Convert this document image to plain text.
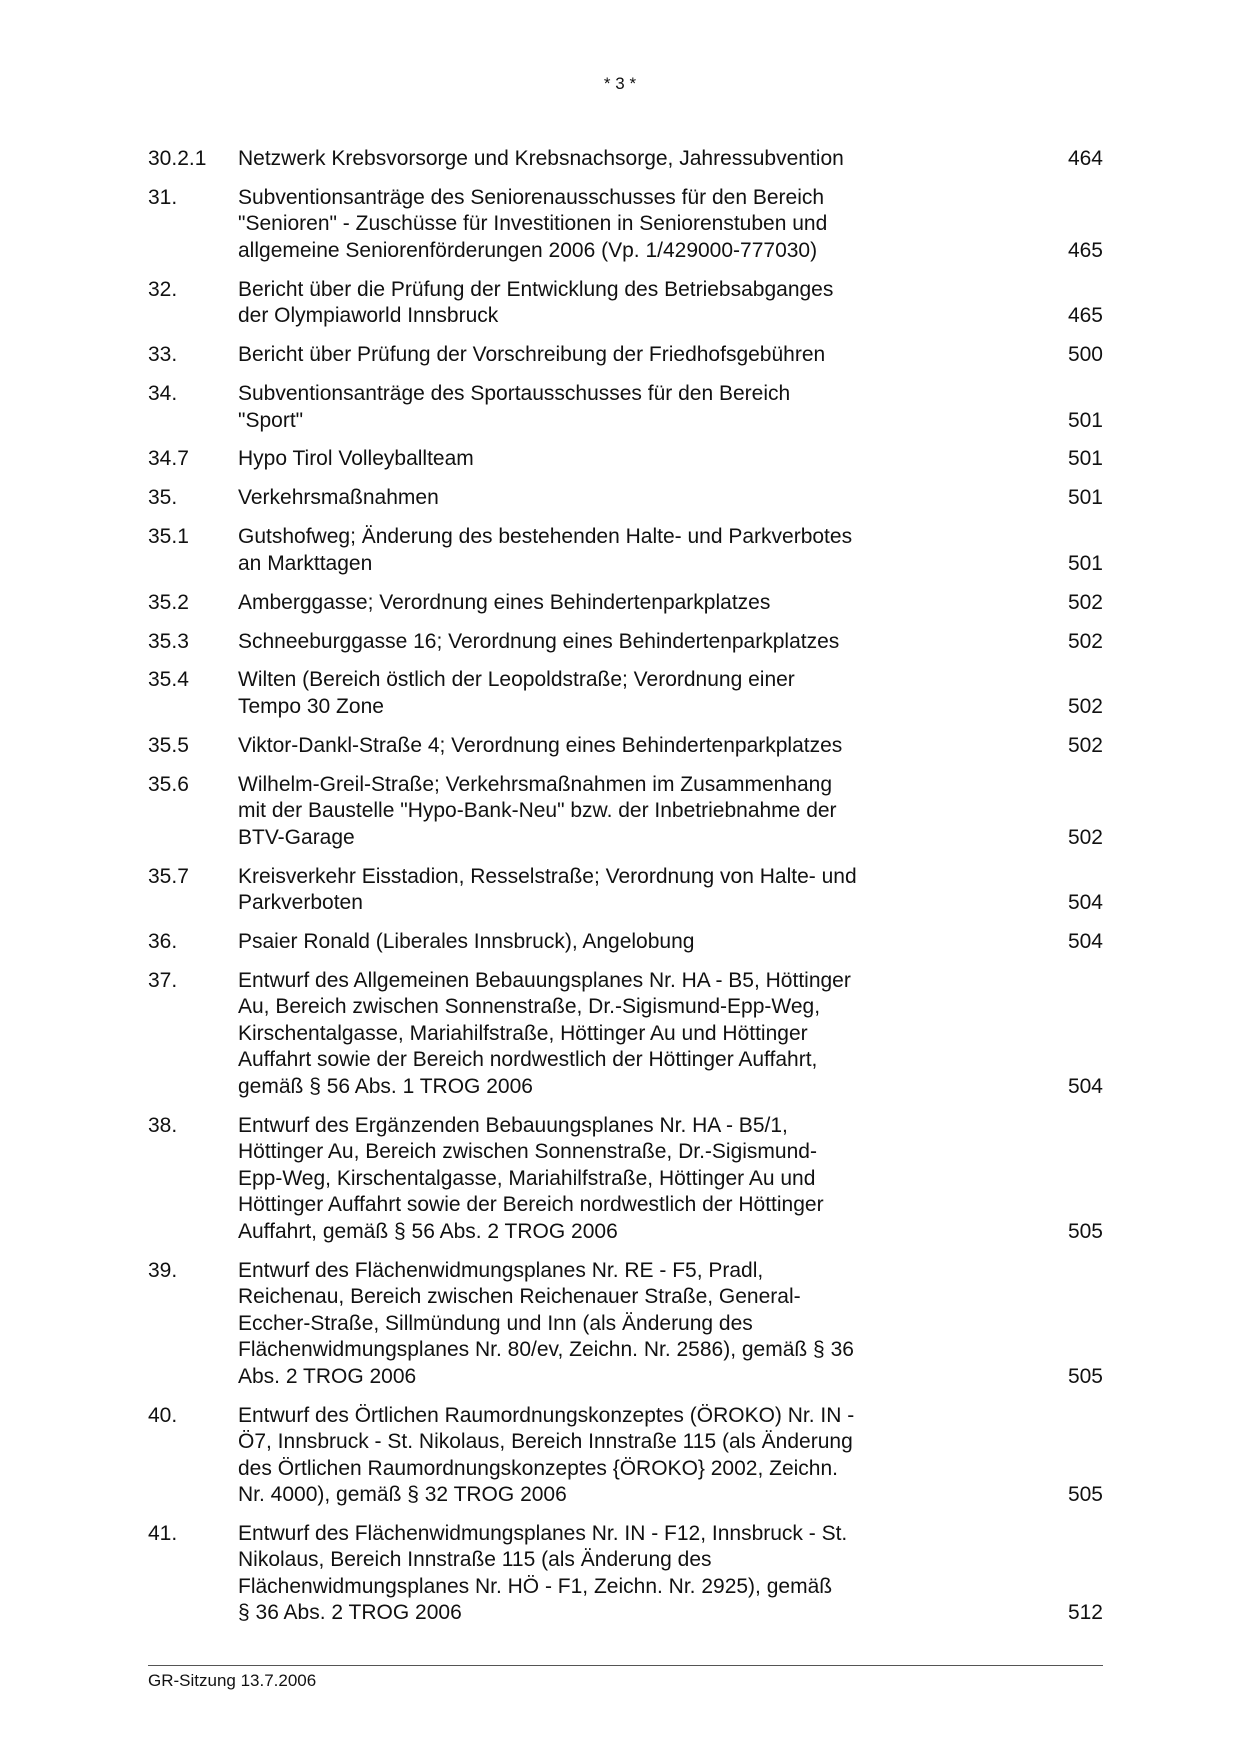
* 3 *
30.2.1	Netzwerk Krebsvorsorge und Krebsnachsorge, Jahressubvention	464
31.	Subventionsanträge des Seniorenausschusses für den Bereich
"Senioren" - Zuschüsse für Investitionen in Seniorenstuben und
allgemeine Seniorenförderungen 2006 (Vp. 1/429000-777030)	465
32.	Bericht über die Prüfung der Entwicklung des Betriebsabganges
der Olympiaworld Innsbruck	465
33.	Bericht über Prüfung der Vorschreibung der Friedhofsgebühren	500
34.	Subventionsanträge des Sportausschusses für den Bereich
"Sport"	501
34.7	Hypo Tirol Volleyballteam	501
35.	Verkehrsmaßnahmen	501
35.1	Gutshofweg; Änderung des bestehenden Halte- und Parkverbotes
an Markttagen	501
35.2	Amberggasse; Verordnung eines Behindertenparkplatzes	502
35.3	Schneeburggasse 16; Verordnung eines Behindertenparkplatzes	502
35.4	Wilten (Bereich östlich der Leopoldstraße; Verordnung einer
Tempo 30 Zone	502
35.5	Viktor-Dankl-Straße 4; Verordnung eines Behindertenparkplatzes	502
35.6	Wilhelm-Greil-Straße; Verkehrsmaßnahmen im Zusammenhang
mit der Baustelle "Hypo-Bank-Neu" bzw. der Inbetriebnahme der
BTV-Garage	502
35.7	Kreisverkehr Eisstadion, Resselstraße; Verordnung von Halte- und
Parkverboten	504
36.	Psaier Ronald (Liberales Innsbruck), Angelobung	504
37.	Entwurf des Allgemeinen Bebauungsplanes Nr. HA - B5, Höttinger
Au, Bereich zwischen Sonnenstraße, Dr.-Sigismund-Epp-Weg,
Kirschentalgasse, Mariahilfstraße, Höttinger Au und Höttinger
Auffahrt sowie der Bereich nordwestlich der Höttinger Auffahrt,
gemäß § 56 Abs. 1 TROG 2006	504
38.	Entwurf des Ergänzenden Bebauungsplanes Nr. HA - B5/1,
Höttinger Au, Bereich zwischen Sonnenstraße, Dr.-Sigismund-
Epp-Weg, Kirschentalgasse, Mariahilfstraße, Höttinger Au und
Höttinger Auffahrt sowie der Bereich nordwestlich der Höttinger
Auffahrt, gemäß § 56 Abs. 2 TROG 2006	505
39.	Entwurf des Flächenwidmungsplanes Nr. RE - F5, Pradl,
Reichenau, Bereich zwischen Reichenauer Straße, General-
Eccher-Straße, Sillmündung und Inn (als Änderung des
Flächenwidmungsplanes Nr. 80/ev, Zeichn. Nr. 2586), gemäß § 36
Abs. 2 TROG 2006	505
40.	Entwurf des Örtlichen Raumordnungskonzeptes (ÖROKO) Nr. IN -
Ö7, Innsbruck - St. Nikolaus, Bereich Innstraße 115 (als Änderung
des Örtlichen Raumordnungskonzeptes {ÖROKO} 2002, Zeichn.
Nr. 4000), gemäß § 32 TROG 2006	505
41.	Entwurf des Flächenwidmungsplanes Nr. IN - F12, Innsbruck - St.
Nikolaus, Bereich Innstraße 115 (als Änderung des
Flächenwidmungsplanes Nr. HÖ - F1, Zeichn. Nr. 2925), gemäß
§ 36 Abs. 2 TROG 2006	512
GR-Sitzung 13.7.2006
